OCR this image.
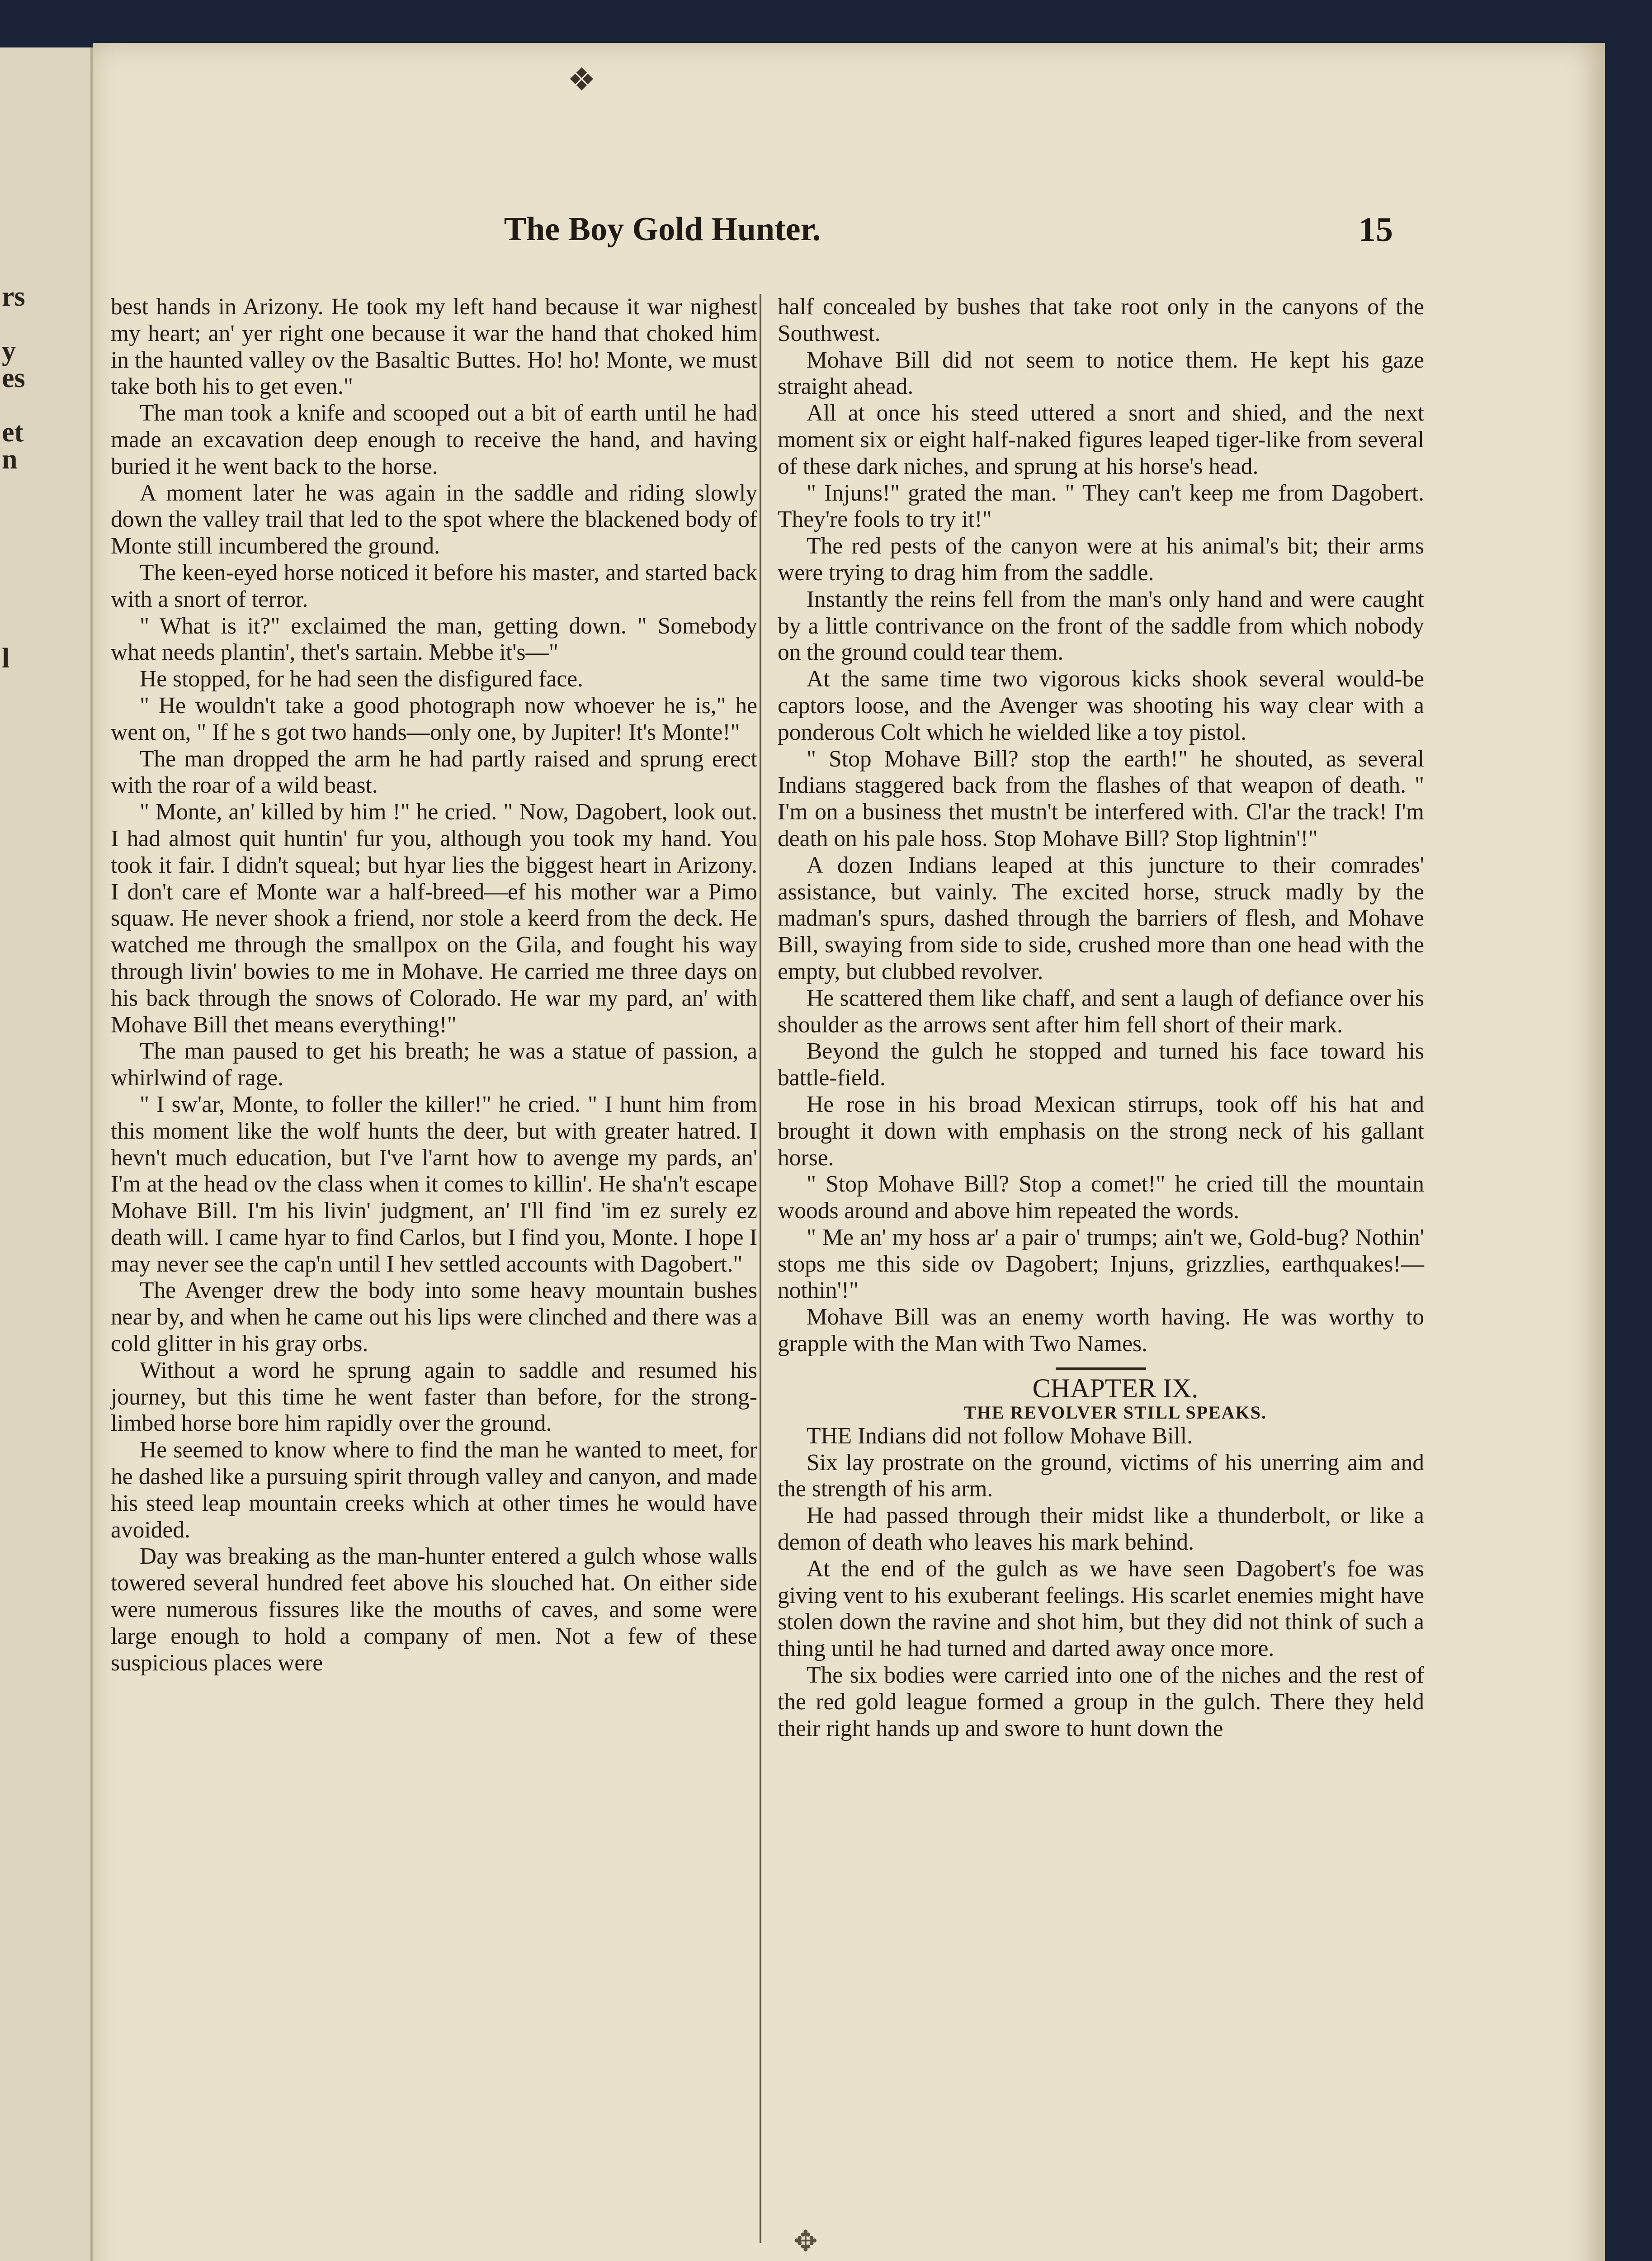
rs
y
es
et
n
l
❖
The Boy Gold Hunter.	15

best hands in Arizony. He took my left hand because it war nighest my heart; an' yer right one because it war the hand that choked him in the haunted valley ov the Basaltic Buttes. Ho! ho! Monte, we must take both his to get even."

The man took a knife and scooped out a bit of earth until he had made an excavation deep enough to receive the hand, and having buried it he went back to the horse.

A moment later he was again in the saddle and riding slowly down the valley trail that led to the spot where the blackened body of Monte still incumbered the ground.

The keen-eyed horse noticed it before his master, and started back with a snort of terror.

" What is it?" exclaimed the man, getting down. " Somebody what needs plantin', thet's sartain. Mebbe it's—"

He stopped, for he had seen the disfigured face.

" He wouldn't take a good photograph now whoever he is," he went on, " If he s got two hands—only one, by Jupiter! It's Monte!"

The man dropped the arm he had partly raised and sprung erect with the roar of a wild beast.

" Monte, an' killed by him !" he cried. " Now, Dagobert, look out. I had almost quit huntin' fur you, although you took my hand. You took it fair. I didn't squeal; but hyar lies the biggest heart in Arizony. I don't care ef Monte war a half-breed—ef his mother war a Pimo squaw. He never shook a friend, nor stole a keerd from the deck. He watched me through the smallpox on the Gila, and fought his way through livin' bowies to me in Mohave. He carried me three days on his back through the snows of Colorado. He war my pard, an' with Mohave Bill thet means everything!"

The man paused to get his breath; he was a statue of passion, a whirlwind of rage.

" I sw'ar, Monte, to foller the killer!" he cried. " I hunt him from this moment like the wolf hunts the deer, but with greater hatred. I hevn't much education, but I've l'arnt how to avenge my pards, an' I'm at the head ov the class when it comes to killin'. He sha'n't escape Mohave Bill. I'm his livin' judgment, an' I'll find 'im ez surely ez death will. I came hyar to find Carlos, but I find you, Monte. I hope I may never see the cap'n until I hev settled accounts with Dagobert."

The Avenger drew the body into some heavy mountain bushes near by, and when he came out his lips were clinched and there was a cold glitter in his gray orbs.

Without a word he sprung again to saddle and resumed his journey, but this time he went faster than before, for the strong-limbed horse bore him rapidly over the ground.

He seemed to know where to find the man he wanted to meet, for he dashed like a pursuing spirit through valley and canyon, and made his steed leap mountain creeks which at other times he would have avoided.

Day was breaking as the man-hunter entered a gulch whose walls towered several hundred feet above his slouched hat. On either side were numerous fissures like the mouths of caves, and some were large enough to hold a company of men. Not a few of these suspicious places were

half concealed by bushes that take root only in the canyons of the Southwest.

Mohave Bill did not seem to notice them. He kept his gaze straight ahead.

All at once his steed uttered a snort and shied, and the next moment six or eight half-naked figures leaped tiger-like from several of these dark niches, and sprung at his horse's head.

" Injuns!" grated the man. " They can't keep me from Dagobert. They're fools to try it!"

The red pests of the canyon were at his animal's bit; their arms were trying to drag him from the saddle.

Instantly the reins fell from the man's only hand and were caught by a little contrivance on the front of the saddle from which nobody on the ground could tear them.

At the same time two vigorous kicks shook several would-be captors loose, and the Avenger was shooting his way clear with a ponderous Colt which he wielded like a toy pistol.

" Stop Mohave Bill? stop the earth!" he shouted, as several Indians staggered back from the flashes of that weapon of death. " I'm on a business thet mustn't be interfered with. Cl'ar the track! I'm death on his pale hoss. Stop Mohave Bill? Stop lightnin'!"

A dozen Indians leaped at this juncture to their comrades' assistance, but vainly. The excited horse, struck madly by the madman's spurs, dashed through the barriers of flesh, and Mohave Bill, swaying from side to side, crushed more than one head with the empty, but clubbed revolver.

He scattered them like chaff, and sent a laugh of defiance over his shoulder as the arrows sent after him fell short of their mark.

Beyond the gulch he stopped and turned his face toward his battle-field.

He rose in his broad Mexican stirrups, took off his hat and brought it down with emphasis on the strong neck of his gallant horse.

" Stop Mohave Bill? Stop a comet!" he cried till the mountain woods around and above him repeated the words.

" Me an' my hoss ar' a pair o' trumps; ain't we, Gold-bug? Nothin' stops me this side ov Dagobert; Injuns, grizzlies, earthquakes!—nothin'!"

Mohave Bill was an enemy worth having. He was worthy to grapple with the Man with Two Names.

CHAPTER IX.

THE REVOLVER STILL SPEAKS.

THE Indians did not follow Mohave Bill.

Six lay prostrate on the ground, victims of his unerring aim and the strength of his arm.

He had passed through their midst like a thunderbolt, or like a demon of death who leaves his mark behind.

At the end of the gulch as we have seen Dagobert's foe was giving vent to his exuberant feelings. His scarlet enemies might have stolen down the ravine and shot him, but they did not think of such a thing until he had turned and darted away once more.

The six bodies were carried into one of the niches and the rest of the red gold league formed a group in the gulch. There they held their right hands up and swore to hunt down the

✥
